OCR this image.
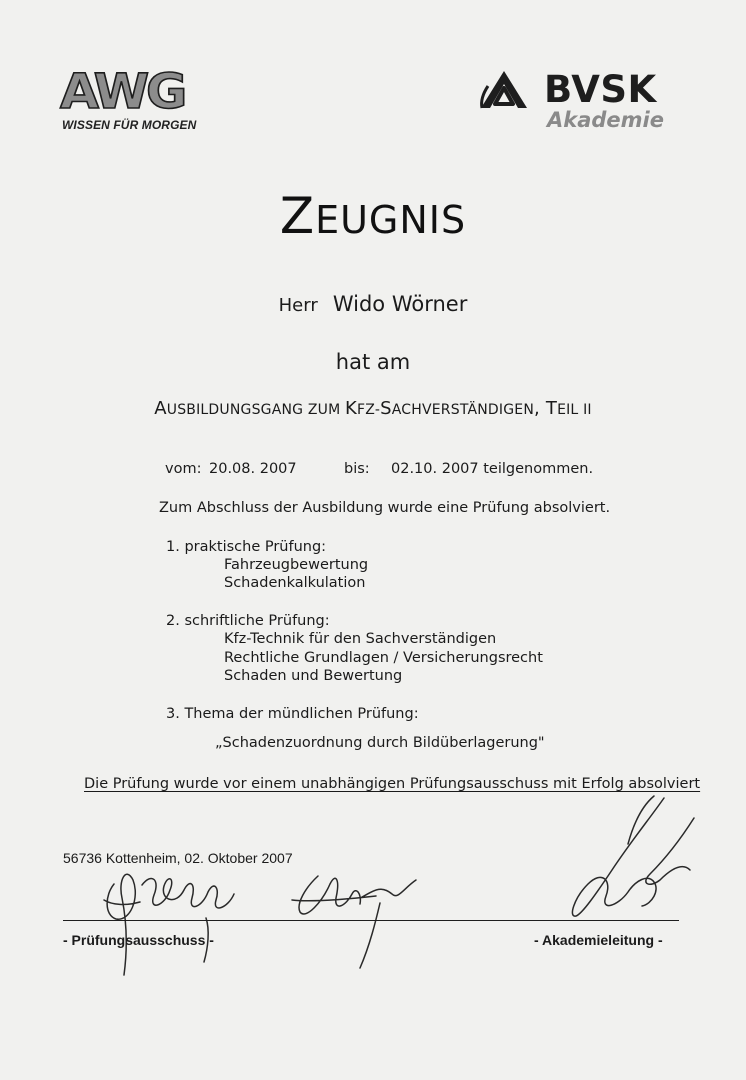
AWG
WISSEN FÜR MORGEN
BVSK
Akademie
ZEUGNIS
Herr Wido Wörner
hat am
AUSBILDUNGSGANG ZUM KFZ-SACHVERSTÄNDIGEN, TEIL II
vom: 20.08. 2007	bis: 02.10. 2007 teilgenommen.
Zum Abschluss der Ausbildung wurde eine Prüfung absolviert.
1. praktische Prüfung:
Fahrzeugbewertung
Schadenkalkulation
2. schriftliche Prüfung:
Kfz-Technik für den Sachverständigen
Rechtliche Grundlagen / Versicherungsrecht
Schaden und Bewertung
3. Thema der mündlichen Prüfung:
„Schadenzuordnung durch Bildüberlagerung"
Die Prüfung wurde vor einem unabhängigen Prüfungsausschuss mit Erfolg absolviert
56736 Kottenheim, 02. Oktober 2007
- Prüfungsausschuss -	- Akademieleitung -
